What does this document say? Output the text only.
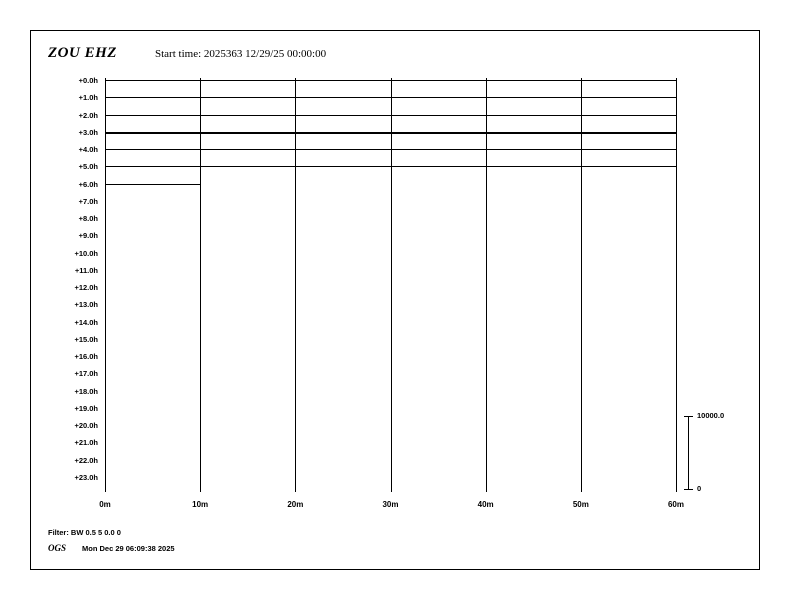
ZOU EHZ	Start time: 2025363 12/29/25 00:00:00
10000.0
0
Filter: BW 0.5 5 0.0 0
OGS Mon Dec 29 06:09:38 2025
0m	10m	20m	30m	40m	50m	60m
+0.0h
+1.0h
+2.0h
+3.0h
+4.0h
+5.0h
+6.0h
+7.0h
+8.0h
+9.0h
+10.0h
+11.0h
+12.0h
+13.0h
+14.0h
+15.0h
+16.0h
+17.0h
+18.0h
+19.0h
+20.0h
+21.0h
+22.0h
+23.0h
